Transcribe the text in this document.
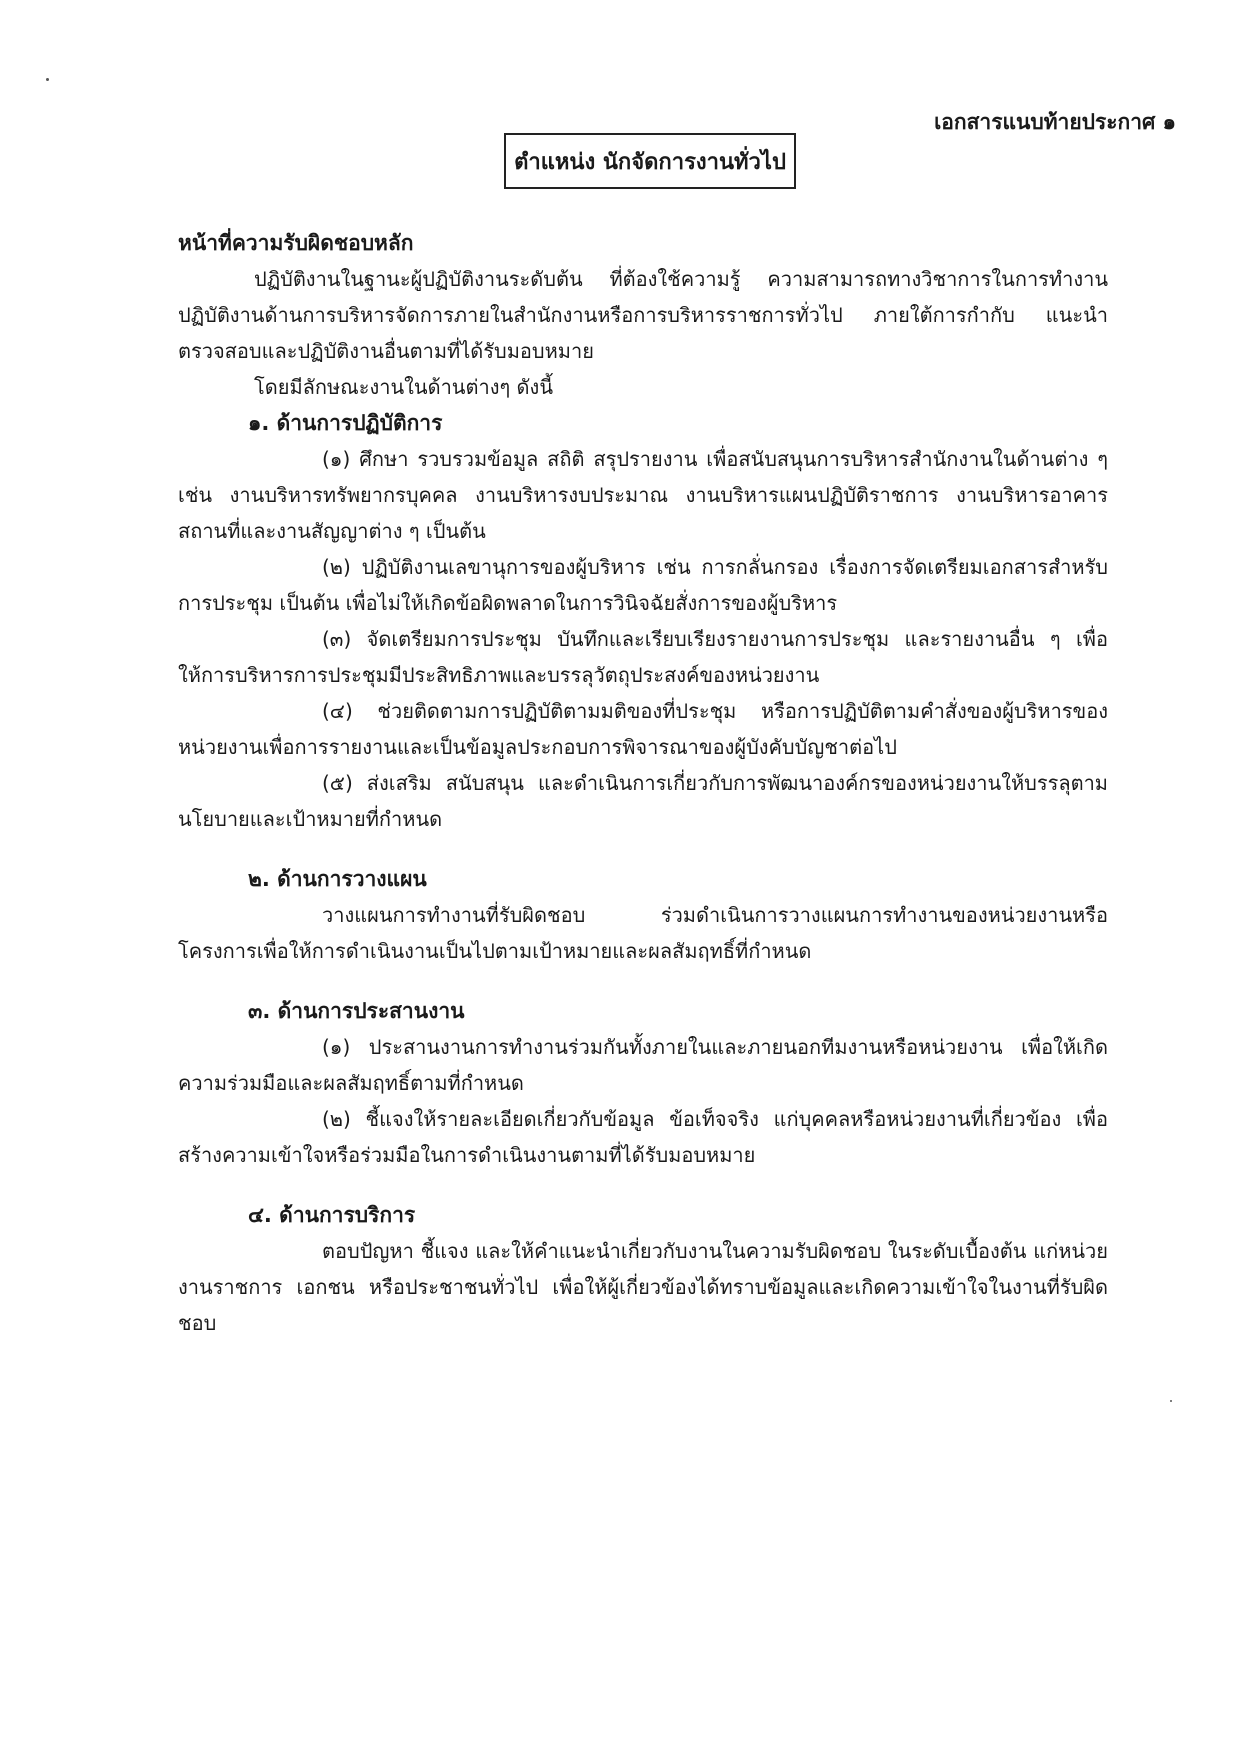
เอกสารแนบท้ายประกาศ ๑
ตำแหน่ง นักจัดการงานทั่วไป
หน้าที่ความรับผิดชอบหลัก
ปฏิบัติงานในฐานะผู้ปฏิบัติงานระดับต้น ที่ต้องใช้ความรู้ ความสามารถทางวิชาการในการทำงาน ปฏิบัติงานด้านการบริหารจัดการภายในสำนักงานหรือการบริหารราชการทั่วไป ภายใต้การกำกับ แนะนำ ตรวจสอบและปฏิบัติงานอื่นตามที่ได้รับมอบหมาย
โดยมีลักษณะงานในด้านต่างๆ ดังนี้
๑. ด้านการปฏิบัติการ
(๑) ศึกษา รวบรวมข้อมูล สถิติ สรุปรายงาน เพื่อสนับสนุนการบริหารสำนักงานในด้านต่าง ๆ เช่น งานบริหารทรัพยากรบุคคล งานบริหารงบประมาณ งานบริหารแผนปฏิบัติราชการ งานบริหารอาคารสถานที่และงานสัญญาต่าง ๆ เป็นต้น
(๒) ปฏิบัติงานเลขานุการของผู้บริหาร เช่น การกลั่นกรอง เรื่องการจัดเตรียมเอกสารสำหรับการประชุม เป็นต้น เพื่อไม่ให้เกิดข้อผิดพลาดในการวินิจฉัยสั่งการของผู้บริหาร
(๓) จัดเตรียมการประชุม บันทึกและเรียบเรียงรายงานการประชุม และรายงานอื่น ๆ เพื่อให้การบริหารการประชุมมีประสิทธิภาพและบรรลุวัตถุประสงค์ของหน่วยงาน
(๔) ช่วยติดตามการปฏิบัติตามมติของที่ประชุม หรือการปฏิบัติตามคำสั่งของผู้บริหารของหน่วยงานเพื่อการรายงานและเป็นข้อมูลประกอบการพิจารณาของผู้บังคับบัญชาต่อไป
(๕) ส่งเสริม สนับสนุน และดำเนินการเกี่ยวกับการพัฒนาองค์กรของหน่วยงานให้บรรลุตามนโยบายและเป้าหมายที่กำหนด
๒. ด้านการวางแผน
วางแผนการทำงานที่รับผิดชอบ ร่วมดำเนินการวางแผนการทำงานของหน่วยงานหรือโครงการเพื่อให้การดำเนินงานเป็นไปตามเป้าหมายและผลสัมฤทธิ์ที่กำหนด
๓. ด้านการประสานงาน
(๑) ประสานงานการทำงานร่วมกันทั้งภายในและภายนอกทีมงานหรือหน่วยงาน เพื่อให้เกิดความร่วมมือและผลสัมฤทธิ์ตามที่กำหนด
(๒) ชี้แจงให้รายละเอียดเกี่ยวกับข้อมูล ข้อเท็จจริง แก่บุคคลหรือหน่วยงานที่เกี่ยวข้อง เพื่อสร้างความเข้าใจหรือร่วมมือในการดำเนินงานตามที่ได้รับมอบหมาย
๔. ด้านการบริการ
ตอบปัญหา ชี้แจง และให้คำแนะนำเกี่ยวกับงานในความรับผิดชอบ ในระดับเบื้องต้น แก่หน่วยงานราชการ เอกชน หรือประชาชนทั่วไป เพื่อให้ผู้เกี่ยวข้องได้ทราบข้อมูลและเกิดความเข้าใจในงานที่รับผิดชอบ
